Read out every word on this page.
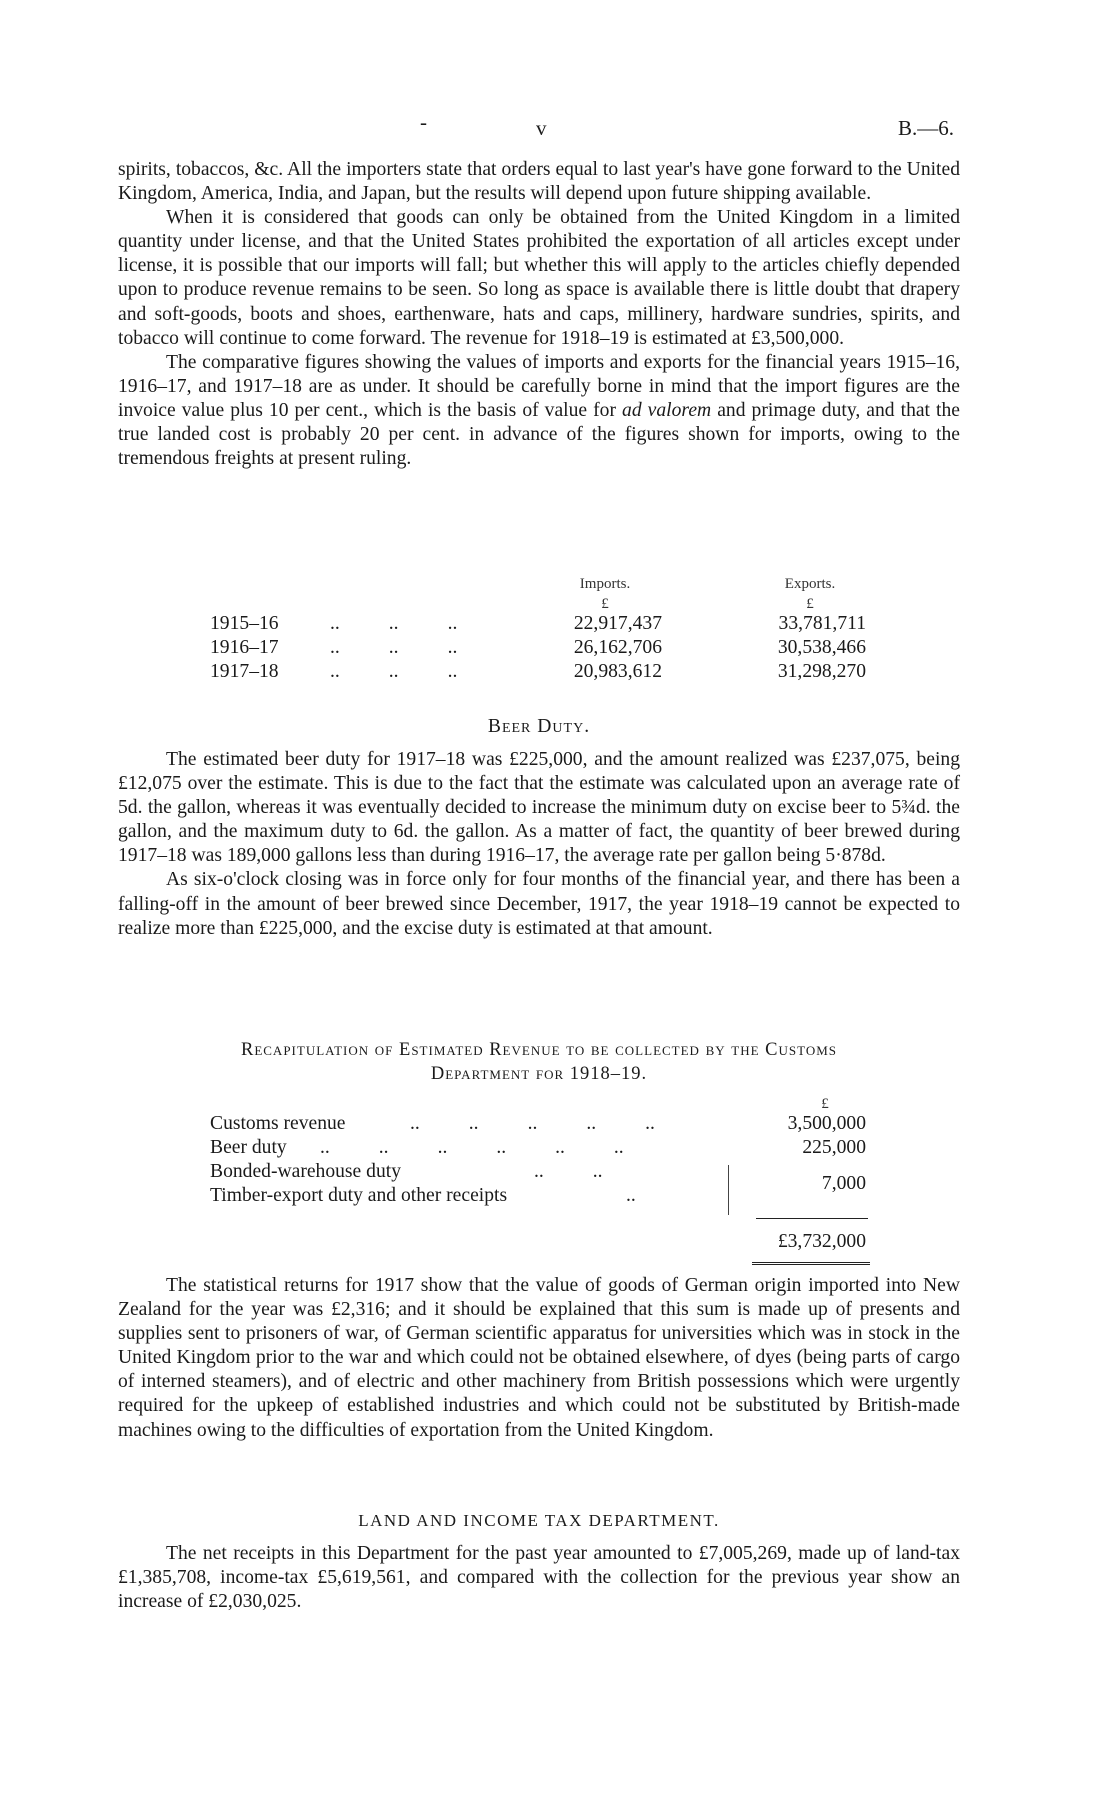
-	v	B.—6.

spirits, tobaccos, &c. All the importers state that orders equal to last year's have gone forward to the United Kingdom, America, India, and Japan, but the results will depend upon future shipping available.

When it is considered that goods can only be obtained from the United Kingdom in a limited quantity under license, and that the United States prohibited the exportation of all articles except under license, it is possible that our imports will fall; but whether this will apply to the articles chiefly depended upon to produce revenue remains to be seen. So long as space is available there is little doubt that drapery and soft-goods, boots and shoes, earthenware, hats and caps, millinery, hardware sundries, spirits, and tobacco will continue to come forward. The revenue for 1918–19 is estimated at £3,500,000.

The comparative figures showing the values of imports and exports for the financial years 1915–16, 1916–17, and 1917–18 are as under. It should be carefully borne in mind that the import figures are the invoice value plus 10 per cent., which is the basis of value for ad valorem and primage duty, and that the true landed cost is probably 20 per cent. in advance of the figures shown for imports, owing to the tremendous freights at present ruling.

Imports.	Exports.
£	£
1915–16	..          ..          ..	22,917,437	33,781,711
1916–17	..          ..          ..	26,162,706	30,538,466
1917–18	..          ..          ..	20,983,612	31,298,270
Beer Duty.

The estimated beer duty for 1917–18 was £225,000, and the amount realized was £237,075, being £12,075 over the estimate. This is due to the fact that the estimate was calculated upon an average rate of 5d. the gallon, whereas it was eventually decided to increase the minimum duty on excise beer to 5¾d. the gallon, and the maximum duty to 6d. the gallon. As a matter of fact, the quantity of beer brewed during 1917–18 was 189,000 gallons less than during 1916–17, the average rate per gallon being 5·878d.

As six-o'clock closing was in force only for four months of the financial year, and there has been a falling-off in the amount of beer brewed since December, 1917, the year 1918–19 cannot be expected to realize more than £225,000, and the excise duty is estimated at that amount.

Recapitulation of Estimated Revenue to be collected by the Customs
Department for 1918–19.
£
Customs revenue	..          ..          ..          ..          ..	3,500,000
Beer duty ..          ..          ..          ..          ..          ..	225,000
Bonded-warehouse duty	..          ..
Timber-export duty and other receipts	..
7,000
£3,732,000

The statistical returns for 1917 show that the value of goods of German origin imported into New Zealand for the year was £2,316; and it should be explained that this sum is made up of presents and supplies sent to prisoners of war, of German scientific apparatus for universities which was in stock in the United Kingdom prior to the war and which could not be obtained elsewhere, of dyes (being parts of cargo of interned steamers), and of electric and other machinery from British possessions which were urgently required for the upkeep of established industries and which could not be substituted by British-made machines owing to the difficulties of exportation from the United Kingdom.

LAND AND INCOME TAX DEPARTMENT.

The net receipts in this Department for the past year amounted to £7,005,269, made up of land-tax £1,385,708, income-tax £5,619,561, and compared with the collection for the previous year show an increase of £2,030,025.
